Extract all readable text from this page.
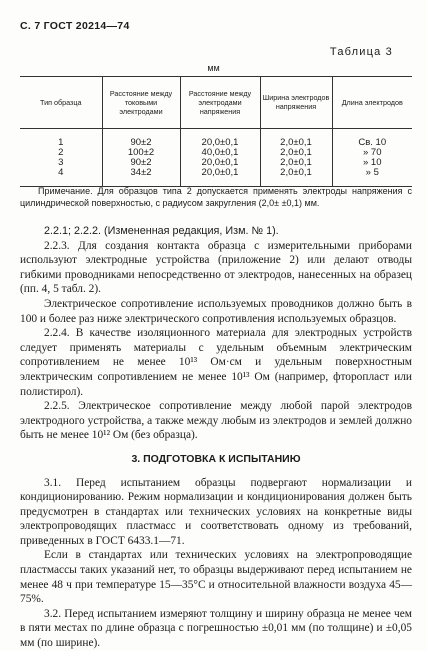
С. 7 ГОСТ 20214—74
Таблица 3
мм
Тип образца	Расстояние между токовыми электродами	Расстояние между электродами напряжения	Ширина электродов напряжения	Длина электродов
1	90±2	20,0±0,1	2,0±0,1	Св. 10
2	100±2	40,0±0,1	2,0±0,1	» 70
3	90±2	20,0±0,1	2,0±0,1	» 10
4	34±2	20,0±0,1	2,0±0,1	» 5
Примечание. Для образцов типа 2 допускается применять электроды напряжения с цилиндрической поверхностью, с радиусом закругления (2,0± ±0,1) мм.

2.2.1; 2.2.2. (Измененная редакция, Изм. № 1).

2.2.3. Для создания контакта образца с измерительными приборами используют электродные устройства (приложение 2) или делают отводы гибкими проводниками непосредственно от электродов, нанесенных на образец (пп. 4, 5 табл. 2).

Электрическое сопротивление используемых проводников должно быть в 100 и более раз ниже электрического сопротивления используемых образцов.

2.2.4. В качестве изоляционного материала для электродных устройств следует применять материалы с удельным объемным электрическим сопротивлением не менее 10¹³ Ом·см и удельным поверхностным электрическим сопротивлением не менее 10¹³ Ом (например, фторопласт или полистирол).

2.2.5. Электрическое сопротивление между любой парой электродов электродного устройства, а также между любым из электродов и землей должно быть не менее 10¹² Ом (без образца).

3. ПОДГОТОВКА К ИСПЫТАНИЮ

3.1. Перед испытанием образцы подвергают нормализации и кондиционированию. Режим нормализации и кондиционирования должен быть предусмотрен в стандартах или технических условиях на конкретные виды электропроводящих пластмасс и соответствовать одному из требований, приведенных в ГОСТ 6433.1—71.

Если в стандартах или технических условиях на электропроводящие пластмассы таких указаний нет, то образцы выдерживают перед испытанием не менее 48 ч при температуре 15—35°С и относительной влажности воздуха 45—75%.

3.2. Перед испытанием измеряют толщину и ширину образца не менее чем в пяти местах по длине образца с погрешностью ±0,01 мм (по толщине) и ±0,05 мм (по ширине).
